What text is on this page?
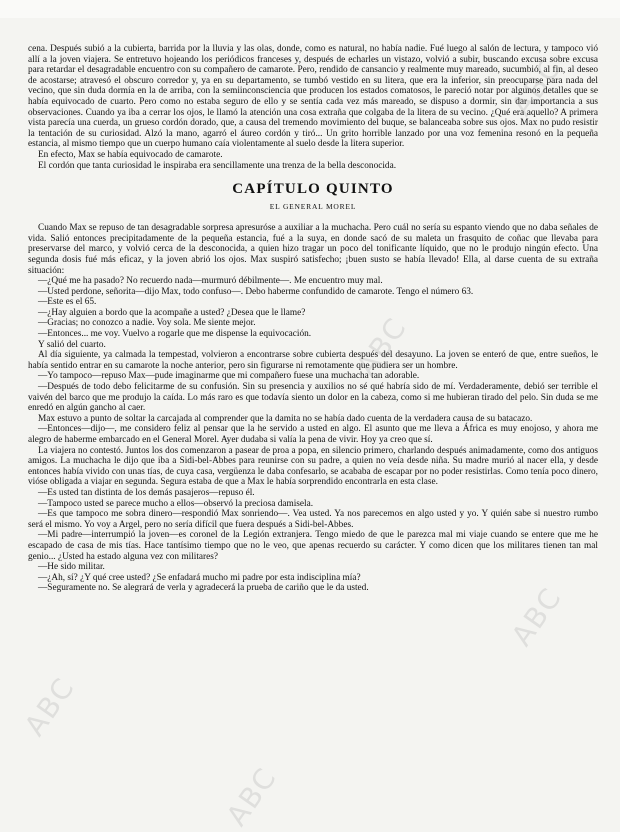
cena. Después subió a la cubierta, barrida por la lluvia y las olas, donde, como es natural, no había nadie. Fué luego al salón de lectura, y tampoco vió allí a la joven viajera. Se entretuvo hojeando los periódicos franceses y, después de echarles un vistazo, volvió a subir, buscando excusa sobre excusa para retardar el desagradable encuentro con su compañero de camarote. Pero, rendido de cansancio y realmente muy mareado, sucumbió, al fin, al deseo de acostarse; atravesó el obscuro corredor y, ya en su departamento, se tumbó vestido en su litera, que era la inferior, sin preocuparse para nada del vecino, que sin duda dormía en la de arriba, con la semiinconsciencia que producen los estados comatosos, le pareció notar por algunos detalles que se había equivocado de cuarto. Pero como no estaba seguro de ello y se sentía cada vez más mareado, se dispuso a dormir, sin dar importancia a sus observaciones. Cuando ya iba a cerrar los ojos, le llamó la atención una cosa extraña que colgaba de la litera de su vecino. ¿Qué era aquello? A primera vista parecía una cuerda, un grueso cordón dorado, que, a causa del tremendo movimiento del buque, se balanceaba sobre sus ojos. Max no pudo resistir la tentación de su curiosidad. Alzó la mano, agarró el áureo cordón y tiró... Un grito horrible lanzado por una voz femenina resonó en la pequeña estancia, al mismo tiempo que un cuerpo humano caía violentamente al suelo desde la litera superior.

En efecto, Max se había equivocado de camarote.

El cordón que tanta curiosidad le inspiraba era sencillamente una trenza de la bella desconocida.

CAPÍTULO QUINTO
EL GENERAL MOREL

Cuando Max se repuso de tan desagradable sorpresa apresuróse a auxiliar a la muchacha. Pero cuál no sería su espanto viendo que no daba señales de vida. Salió entonces precipitadamente de la pequeña estancia, fué a la suya, en donde sacó de su maleta un frasquito de coñac que llevaba para preservarse del marco, y volvió cerca de la desconocida, a quien hizo tragar un poco del tonificante líquido, que no le produjo ningún efecto. Una segunda dosis fué más eficaz, y la joven abrió los ojos. Max suspiró satisfecho; ¡buen susto se había llevado! Ella, al darse cuenta de su extraña situación:

—¿Qué me ha pasado? No recuerdo nada—murmuró débilmente—. Me encuentro muy mal.

—Usted perdone, señorita—dijo Max, todo confuso—. Debo haberme confundido de camarote. Tengo el número 63.

—Este es el 65.

—¿Hay alguien a bordo que la acompañe a usted? ¿Desea que le llame?

—Gracias; no conozco a nadie. Voy sola. Me siente mejor.

—Entonces... me voy. Vuelvo a rogarle que me dispense la equivocación.

Y salió del cuarto.

Al día siguiente, ya calmada la tempestad, volvieron a encontrarse sobre cubierta después del desayuno. La joven se enteró de que, entre sueños, le había sentido entrar en su camarote la noche anterior, pero sin figurarse ni remotamente que pudiera ser un hombre.

—Yo tampoco—repuso Max—pude imaginarme que mi compañero fuese una muchacha tan adorable.

—Después de todo debo felicitarme de su confusión. Sin su presencia y auxilios no sé qué habría sido de mí. Verdaderamente, debió ser terrible el vaivén del barco que me produjo la caída. Lo más raro es que todavía siento un dolor en la cabeza, como si me hubieran tirado del pelo. Sin duda se me enredó en algún gancho al caer.

Max estuvo a punto de soltar la carcajada al comprender que la damita no se había dado cuenta de la verdadera causa de su batacazo.

—Entonces—dijo—, me considero feliz al pensar que la he servido a usted en algo. El asunto que me lleva a África es muy enojoso, y ahora me alegro de haberme embarcado en el General Morel. Ayer dudaba si valía la pena de vivir. Hoy ya creo que sí.

La viajera no contestó. Juntos los dos comenzaron a pasear de proa a popa, en silencio primero, charlando después animadamente, como dos antiguos amigos. La muchacha le dijo que iba a Sidi-bel-Abbes para reunirse con su padre, a quien no veía desde niña. Su madre murió al nacer ella, y desde entonces había vivido con unas tías, de cuya casa, vergüenza le daba confesarlo, se acababa de escapar por no poder resistirlas. Como tenía poco dinero, vióse obligada a viajar en segunda. Segura estaba de que a Max le había sorprendido encontrarla en esta clase.

—Es usted tan distinta de los demás pasajeros—repuso él.

—Tampoco usted se parece mucho a ellos—observó la preciosa damisela.

—Es que tampoco me sobra dinero—respondió Max sonriendo—. Vea usted. Ya nos parecemos en algo usted y yo. Y quién sabe si nuestro rumbo será el mismo. Yo voy a Argel, pero no sería difícil que fuera después a Sidi-bel-Abbes.

—Mi padre—interrumpió la joven—es coronel de la Legión extranjera. Tengo miedo de que le parezca mal mi viaje cuando se entere que me he escapado de casa de mis tías. Hace tantísimo tiempo que no le veo, que apenas recuerdo su carácter. Y como dicen que los militares tienen tan mal genio... ¿Usted ha estado alguna vez con militares?

—He sido militar.

—¿Ah, sí? ¿Y qué cree usted? ¿Se enfadará mucho mi padre por esta indisciplina mía?

—Seguramente no. Se alegrará de verla y agradecerá la prueba de cariño que le da usted.

ABC
ABC
ABC
ABC
ABC
